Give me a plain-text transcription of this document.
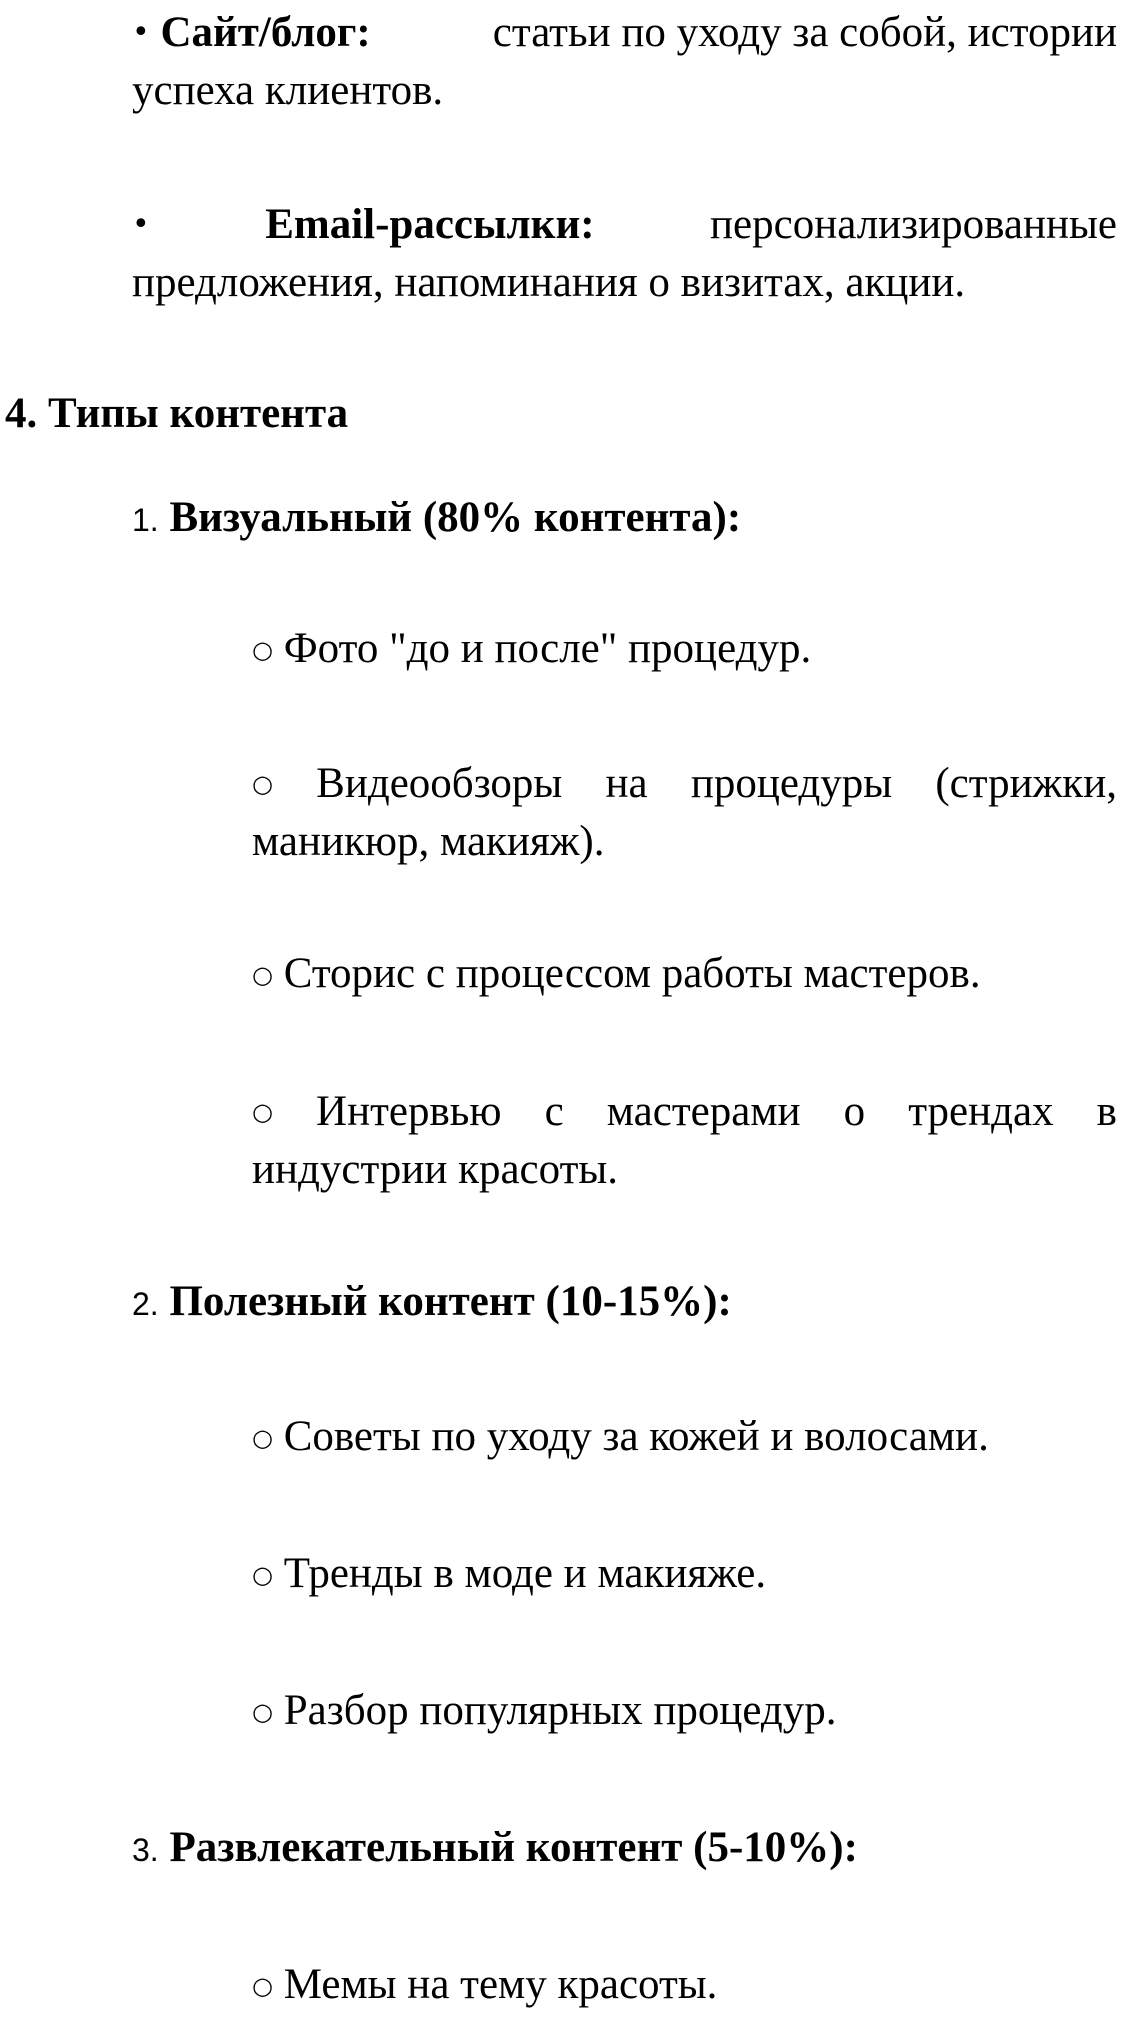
• Сайт/блог:	статьи по уходу за собой, истории
успеха клиентов.
•	Email-рассылки:	персонализированные
предложения, напоминания о визитах, акции.
4. Типы контента
1. Визуальный (80% контента):
○ Фото "до и после" процедур.
○ Видеообзоры на процедуры (стрижки,
маникюр, макияж).
○ Сторис с процессом работы мастеров.
○ Интервью с мастерами о трендах в
индустрии красоты.
2. Полезный контент (10-15%):
○ Советы по уходу за кожей и волосами.
○ Тренды в моде и макияже.
○ Разбор популярных процедур.
3. Развлекательный контент (5-10%):
○ Мемы на тему красоты.
